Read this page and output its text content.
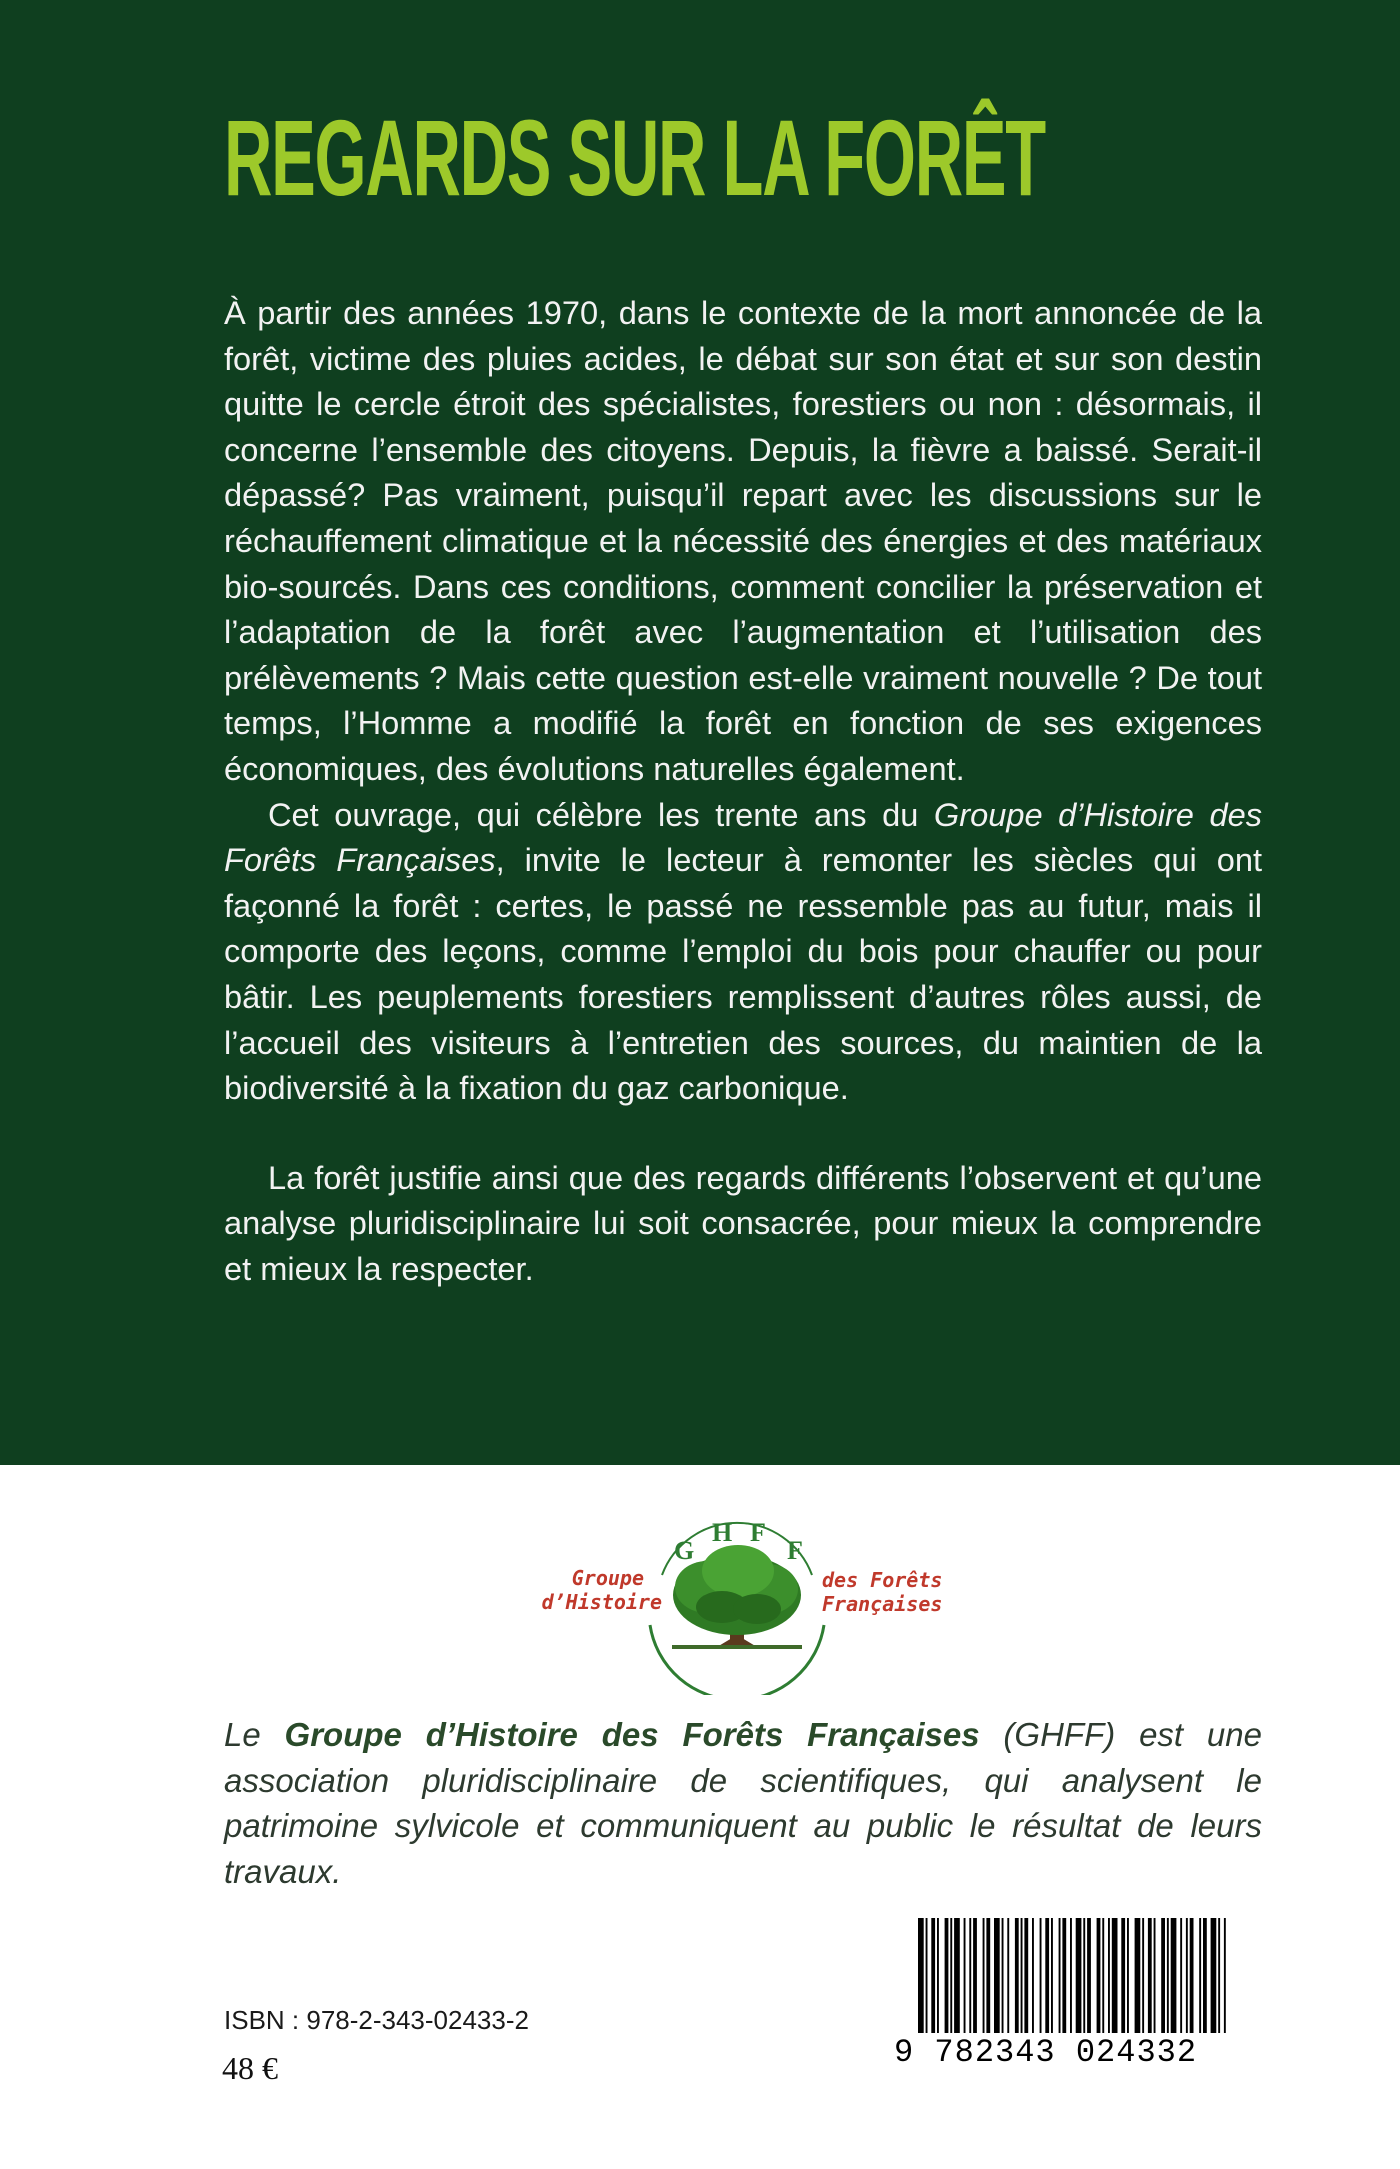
REGARDS SUR LA FORÊT

À partir des années 1970, dans le contexte de la mort annoncée de la forêt, victime des pluies acides, le débat sur son état et sur son destin quitte le cercle étroit des spécialistes, forestiers ou non : désormais, il concerne l’ensemble des citoyens. Depuis, la fièvre a baissé. Serait-il dépassé? Pas vraiment, puisqu’il repart avec les discussions sur le réchauffement climatique et la nécessité des énergies et des matériaux bio-sourcés. Dans ces conditions, comment concilier la préservation et l’adaptation de la forêt avec l’augmentation et l’utilisation des prélèvements ? Mais cette question est-elle vraiment nouvelle ? De tout temps, l’Homme a modifié la forêt en fonction de ses exigences économiques, des évolutions naturelles également.

Cet ouvrage, qui célèbre les trente ans du Groupe d’Histoire des Forêts Françaises, invite le lecteur à remonter les siècles qui ont façonné la forêt : certes, le passé ne ressemble pas au futur, mais il comporte des leçons, comme l’emploi du bois pour chauffer ou pour bâtir. Les peuplements forestiers remplissent d’autres rôles aussi, de l’accueil des visiteurs à l’entretien des sources, du maintien de la biodiversité à la fixation du gaz carbonique.

La forêt justifie ainsi que des regards différents l’observent et qu’une analyse pluridisciplinaire lui soit consacrée, pour mieux la comprendre et mieux la respecter.

G
H F
F
Groupe
d’Histoire
des Forêts
Françaises

Le Groupe d’Histoire des Forêts Françaises (GHFF) est une association pluridisciplinaire de scientifiques, qui analysent le patrimoine sylvicole et communiquent au public le résultat de leurs travaux.

9 782343 024332
ISBN : 978-2-343-02433-2
48 €
